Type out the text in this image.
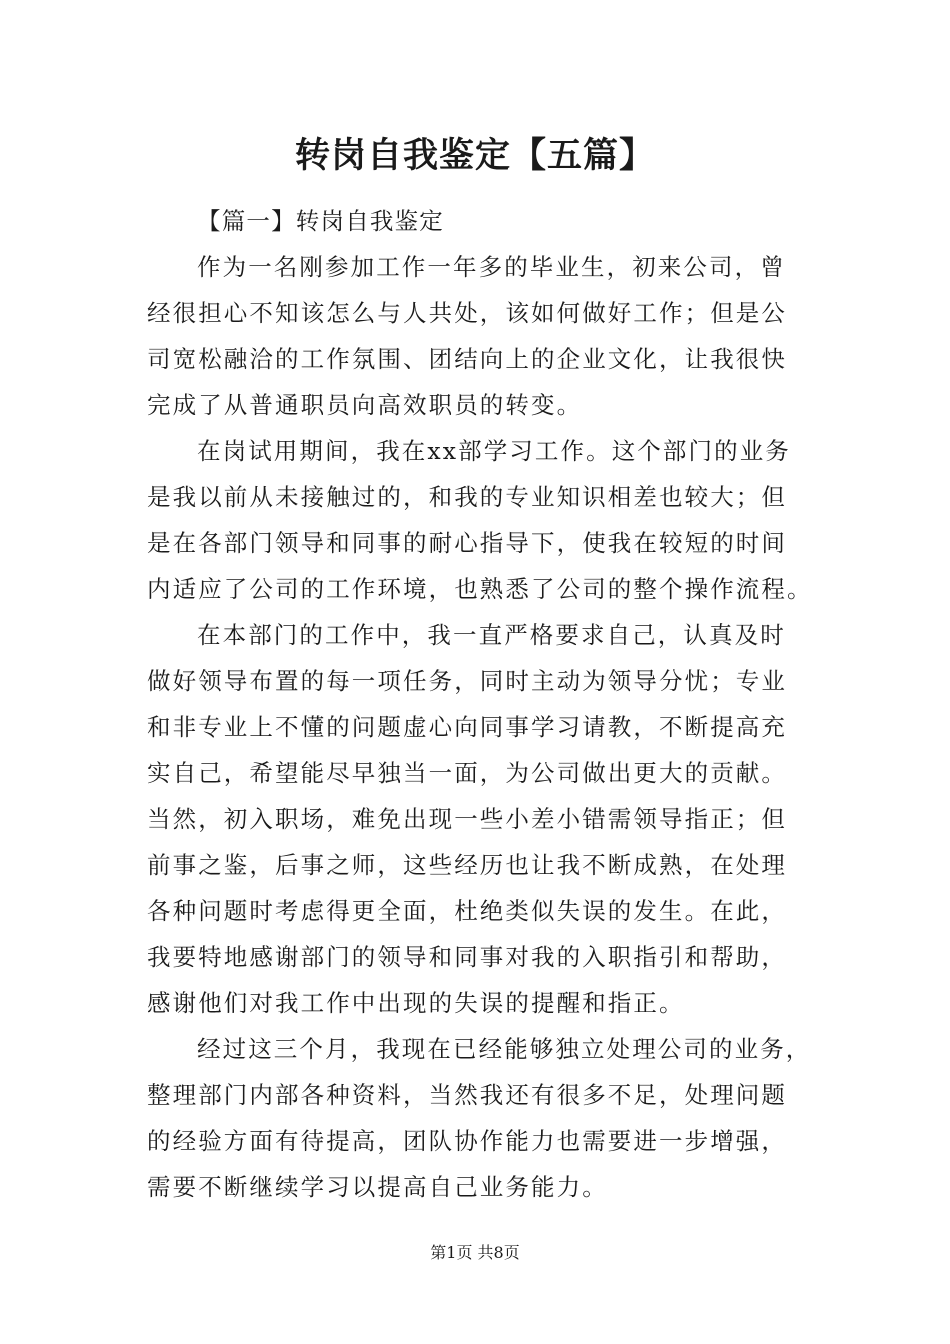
转岗自我鉴定【五篇】
【篇一】转岗自我鉴定
作为一名刚参加工作一年多的毕业生，初来公司，曾
经很担心不知该怎么与人共处，该如何做好工作；但是公
司宽松融洽的工作氛围、团结向上的企业文化，让我很快
完成了从普通职员向高效职员的转变。
在岗试用期间，我在xx部学习工作。这个部门的业务
是我以前从未接触过的，和我的专业知识相差也较大；但
是在各部门领导和同事的耐心指导下，使我在较短的时间
内适应了公司的工作环境，也熟悉了公司的整个操作流程。
在本部门的工作中，我一直严格要求自己，认真及时
做好领导布置的每一项任务，同时主动为领导分忧；专业
和非专业上不懂的问题虚心向同事学习请教，不断提高充
实自己，希望能尽早独当一面，为公司做出更大的贡献。
当然，初入职场，难免出现一些小差小错需领导指正；但
前事之鉴，后事之师，这些经历也让我不断成熟，在处理
各种问题时考虑得更全面，杜绝类似失误的发生。在此，
我要特地感谢部门的领导和同事对我的入职指引和帮助，
感谢他们对我工作中出现的失误的提醒和指正。
经过这三个月，我现在已经能够独立处理公司的业务，
整理部门内部各种资料，当然我还有很多不足，处理问题
的经验方面有待提高，团队协作能力也需要进一步增强，
需要不断继续学习以提高自己业务能力。
第1页 共8页
